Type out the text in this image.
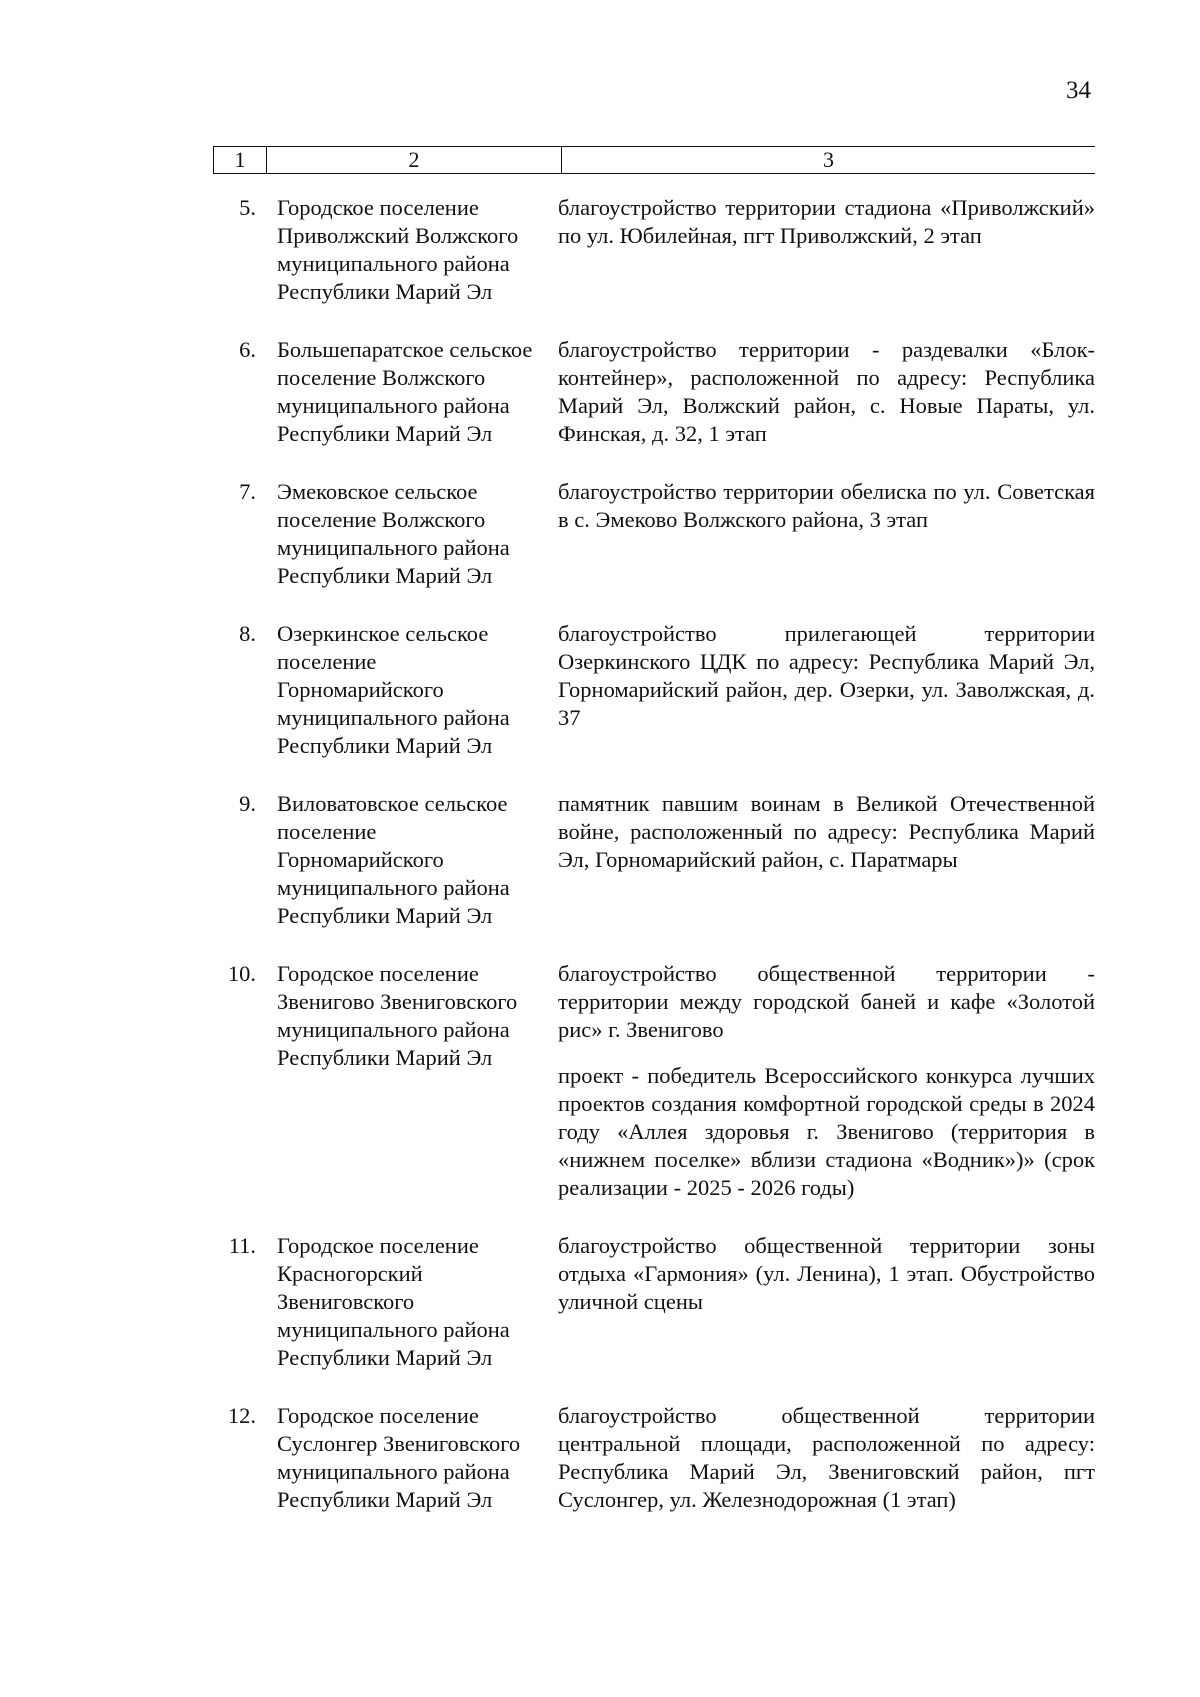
34
1	2	3
5. Городское поселение Приволжский Волжского муниципального района Республики Марий Эл

благоустройство территории стадиона «Приволжский» по ул. Юбилейная, пгт Приволжский, 2 этап

6. Большепаратское сельское поселение Волжского муниципального района Республики Марий Эл

благоустройство территории - раздевалки «Блок-контейнер», расположенной по адресу: Республика Марий Эл, Волжский район, с. Новые Параты, ул. Финская, д. 32, 1 этап

7. Эмековское сельское поселение Волжского муниципального района Республики Марий Эл

благоустройство территории обелиска по ул. Советская в с. Эмеково Волжского района, 3 этап

8. Озеркинское сельское поселение Горномарийского муниципального района Республики Марий Эл

благоустройство прилегающей территории Озеркинского ЦДК по адресу: Республика Марий Эл, Горномарийский район, дер. Озерки, ул. Заволжская, д. 37

9. Виловатовское сельское поселение Горномарийского муниципального района Республики Марий Эл

памятник павшим воинам в Великой Отечественной войне, расположенный по адресу: Республика Марий Эл, Горномарийский район, с. Паратмары

10. Городское поселение Звенигово Звениговского муниципального района Республики Марий Эл

благоустройство общественной территории - территории между городской баней и кафе «Золотой рис» г. Звенигово

проект - победитель Всероссийского конкурса лучших проектов создания комфортной городской среды в 2024 году «Аллея здоровья г. Звенигово (территория в «нижнем поселке» вблизи стадиона «Водник»)» (срок реализации - 2025 - 2026 годы)

11. Городское поселение Красногорский Звениговского муниципального района Республики Марий Эл

благоустройство общественной территории зоны отдыха «Гармония» (ул. Ленина), 1 этап. Обустройство уличной сцены

12. Городское поселение Суслонгер Звениговского муниципального района Республики Марий Эл

благоустройство общественной территории центральной площади, расположенной по адресу: Республика Марий Эл, Звениговский район, пгт Суслонгер, ул. Железнодорожная (1 этап)
